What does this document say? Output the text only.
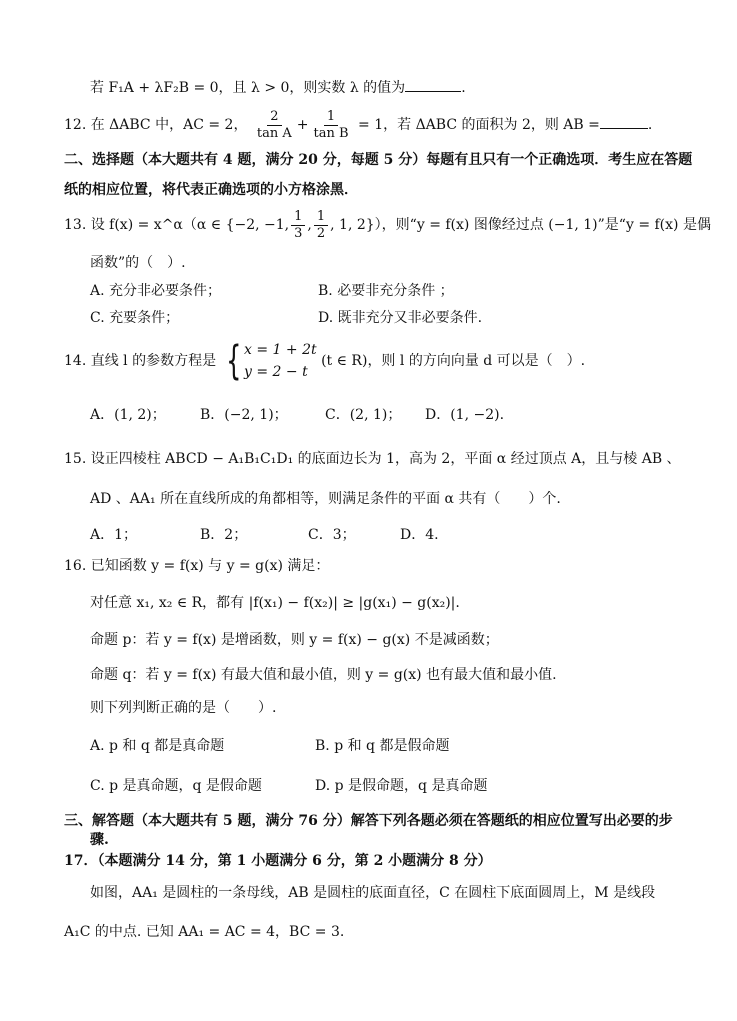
若 F₁A + λF₂B = 0，且 λ > 0，则实数 λ 的值为	.
12. 在 ΔABC 中，AC = 2， $\frac{2}{\text{tan A}} + \frac{1}{\text{tan B}} = 1$，若 ΔABC 的面积为 2，则 AB =	.
二、选择题（本大题共有 4 题，满分 20 分，每题 5 分）每题有且只有一个正确选项．考生应在答题
纸的相应位置，将代表正确选项的小方格涂黑．
13. 设 f(x) = x^α（α ∈ {−2, −1, $\frac{1}{3}$ , $\frac{1}{2}$ , 1, 2}），则“y = f(x) 图像经过点 (−1, 1)”是“y = f(x) 是偶
函数”的（　）.
A. 充分非必要条件；	B. 必要非充分条件 ；
C. 充要条件；	D. 既非充分又非必要条件.
14. 直线 l 的参数方程是 { x = 1 + 2t
y = 2 − t
(t ∈ R)，则 l 的方向向量 d 可以是（　）.
A．(1, 2)； B．(−2, 1)；	C．(2, 1)； D．(1, −2).
15. 设正四棱柱 ABCD − A₁B₁C₁D₁ 的底面边长为 1，高为 2，平面 α 经过顶点 A，且与棱 AB 、
AD 、AA₁ 所在直线所成的角都相等，则满足条件的平面 α 共有（　　）个.
A．1；	B．2；	C．3；	D．4.
16. 已知函数 y = f(x) 与 y = g(x) 满足：
对任意 x₁, x₂ ∈ R，都有 |f(x₁) − f(x₂)| ≥ |g(x₁) − g(x₂)|.
命题 p：若 y = f(x) 是增函数，则 y = f(x) − g(x) 不是减函数；
命题 q：若 y = f(x) 有最大值和最小值，则 y = g(x) 也有最大值和最小值.
则下列判断正确的是（　　）.
A. p 和 q 都是真命题	B. p 和 q 都是假命题
C. p 是真命题，q 是假命题	D. p 是假命题，q 是真命题
三、解答题（本大题共有 5 题，满分 76 分）解答下列各题必须在答题纸的相应位置写出必要的步
骤.
17．（本题满分 14 分，第 1 小题满分 6 分，第 2 小题满分 8 分）
如图，AA₁ 是圆柱的一条母线，AB 是圆柱的底面直径，C 在圆柱下底面圆周上，M 是线段
A₁C 的中点. 已知 AA₁ = AC = 4，BC = 3.
